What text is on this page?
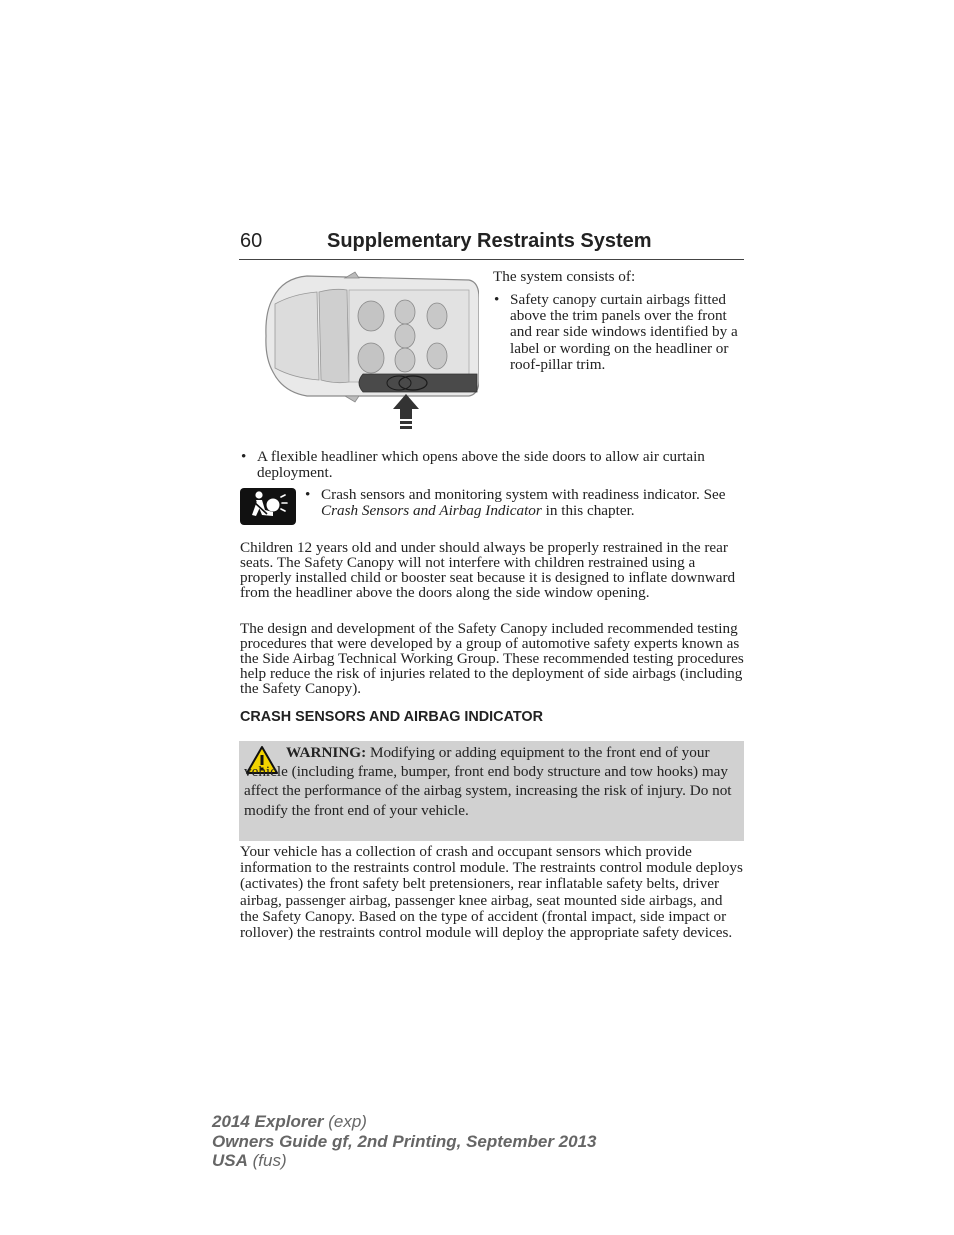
60	Supplementary Restraints System
The system consists of:
• Safety canopy curtain airbags fitted above the trim panels over the front and rear side windows identified by a label or wording on the headliner or roof-pillar trim.
• A flexible headliner which opens above the side doors to allow air curtain deployment.
• Crash sensors and monitoring system with readiness indicator. See Crash Sensors and Airbag Indicator in this chapter.

Children 12 years old and under should always be properly restrained in the rear seats. The Safety Canopy will not interfere with children restrained using a properly installed child or booster seat because it is designed to inflate downward from the headliner above the doors along the side window opening.

The design and development of the Safety Canopy included recommended testing procedures that were developed by a group of automotive safety experts known as the Side Airbag Technical Working Group. These recommended testing procedures help reduce the risk of injuries related to the deployment of side airbags (including the Safety Canopy).

CRASH SENSORS AND AIRBAG INDICATOR
WARNING: Modifying or adding equipment to the front end of your vehicle (including frame, bumper, front end body structure and tow hooks) may affect the performance of the airbag system, increasing the risk of injury. Do not modify the front end of your vehicle.

Your vehicle has a collection of crash and occupant sensors which provide information to the restraints control module. The restraints control module deploys (activates) the front safety belt pretensioners, rear inflatable safety belts, driver airbag, passenger airbag, passenger knee airbag, seat mounted side airbags, and the Safety Canopy. Based on the type of accident (frontal impact, side impact or rollover) the restraints control module will deploy the appropriate safety devices.

2014 Explorer (exp)
Owners Guide gf, 2nd Printing, September 2013
USA (fus)
